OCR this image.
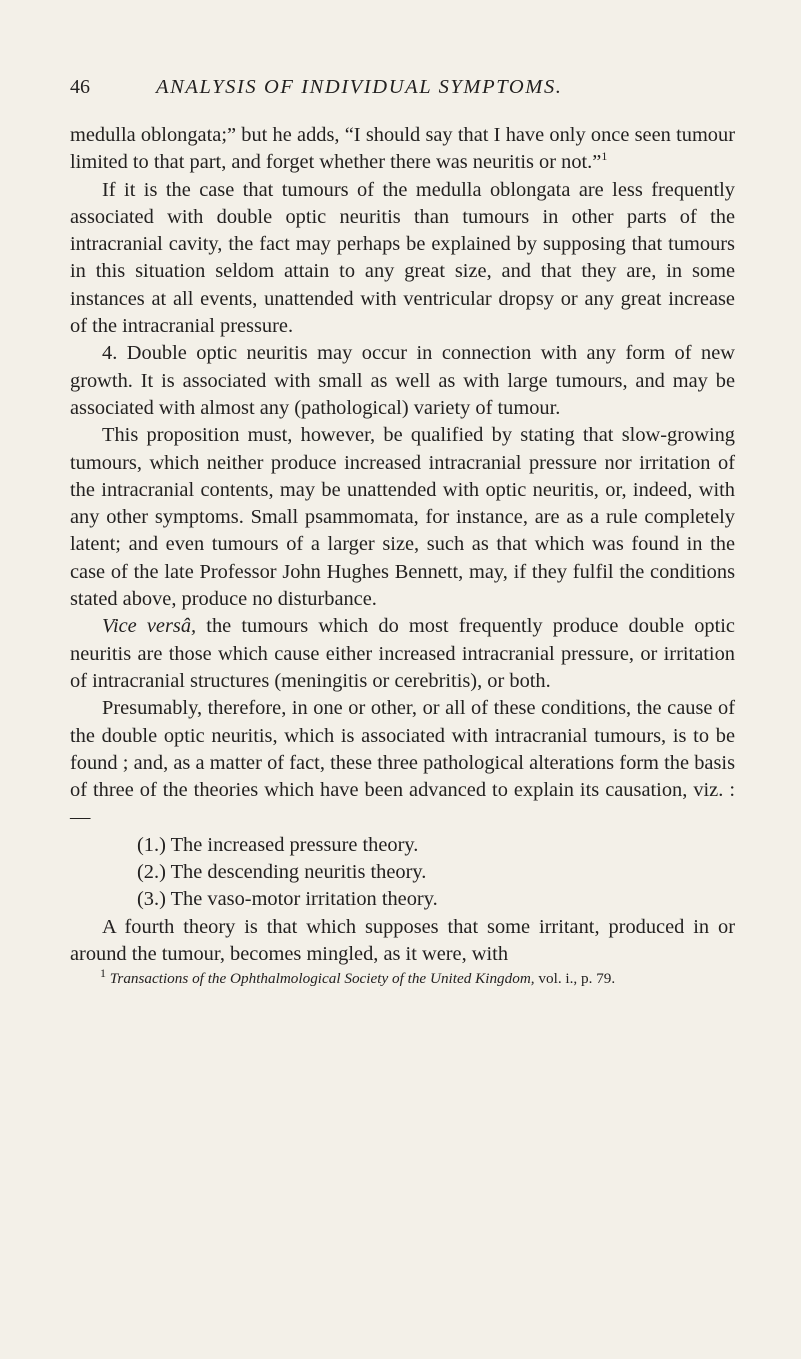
46	ANALYSIS OF INDIVIDUAL SYMPTOMS.

medulla oblongata;” but he adds, “I should say that I have only once seen tumour limited to that part, and forget whether there was neuritis or not.”$^1$

If it is the case that tumours of the medulla oblongata are less frequently associated with double optic neuritis than tumours in other parts of the intracranial cavity, the fact may perhaps be explained by supposing that tumours in this situation seldom attain to any great size, and that they are, in some instances at all events, unattended with ventricular dropsy or any great increase of the intracranial pressure.

4. Double optic neuritis may occur in connection with any form of new growth. It is associated with small as well as with large tumours, and may be associated with almost any (pathological) variety of tumour.

This proposition must, however, be qualified by stating that slow-growing tumours, which neither produce increased intracranial pressure nor irritation of the intracranial contents, may be unattended with optic neuritis, or, indeed, with any other symptoms. Small psammomata, for instance, are as a rule completely latent; and even tumours of a larger size, such as that which was found in the case of the late Professor John Hughes Bennett, may, if they fulfil the conditions stated above, produce no disturbance.

Vice versâ, the tumours which do most frequently produce double optic neuritis are those which cause either increased intracranial pressure, or irritation of intracranial structures (meningitis or cerebritis), or both.

Presumably, therefore, in one or other, or all of these conditions, the cause of the double optic neuritis, which is associated with intracranial tumours, is to be found ; and, as a matter of fact, these three pathological alterations form the basis of three of the theories which have been advanced to explain its causation, viz. :—

(1.) The increased pressure theory.

(2.) The descending neuritis theory.

(3.) The vaso-motor irritation theory.

A fourth theory is that which supposes that some irritant, produced in or around the tumour, becomes mingled, as it were, with

$^1$ Transactions of the Ophthalmological Society of the United Kingdom, vol. i., p. 79.
